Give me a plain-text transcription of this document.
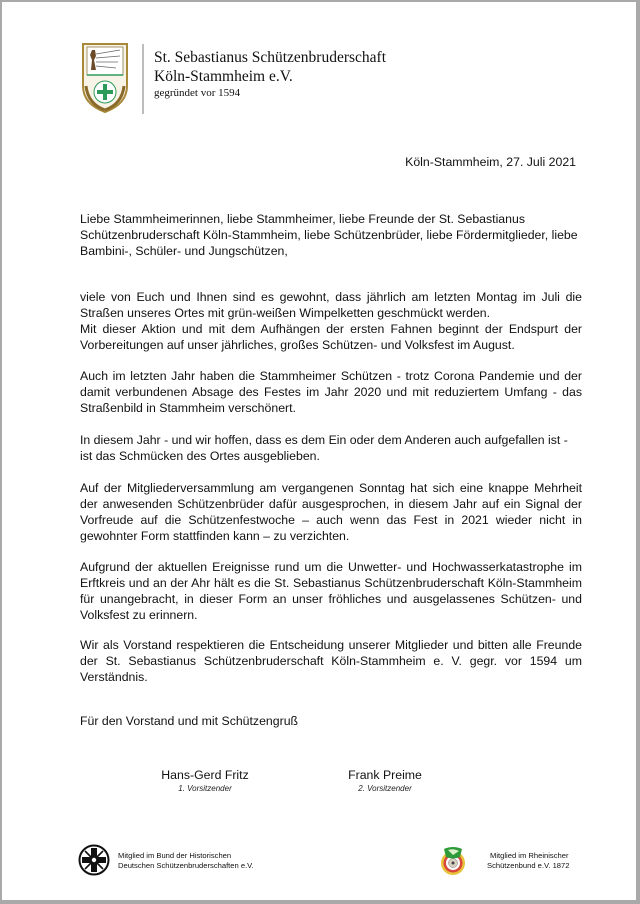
St. Sebastianus Schützenbruderschaft
Köln-Stammheim e.V.
gegründet vor 1594
Köln-Stammheim, 27. Juli 2021

Liebe Stammheimerinnen, liebe Stammheimer, liebe Freunde der St. Sebastianus Schützenbruderschaft Köln-Stammheim, liebe Schützenbrüder, liebe Fördermitglieder, liebe Bambini-, Schüler- und Jungschützen,

viele von Euch und Ihnen sind es gewohnt, dass jährlich am letzten Montag im Juli die Straßen unseres Ortes mit grün-weißen Wimpelketten geschmückt werden.

Mit dieser Aktion und mit dem Aufhängen der ersten Fahnen beginnt der Endspurt der Vorbereitungen auf unser jährliches, großes Schützen- und Volksfest im August.

Auch im letzten Jahr haben die Stammheimer Schützen - trotz Corona Pandemie und der damit verbundenen Absage des Festes im Jahr 2020 und mit reduziertem Umfang - das Straßenbild in Stammheim verschönert.

In diesem Jahr - und wir hoffen, dass es dem Ein oder dem Anderen auch aufgefallen ist - ist das Schmücken des Ortes ausgeblieben.

Auf der Mitgliederversammlung am vergangenen Sonntag hat sich eine knappe Mehrheit der anwesenden Schützenbrüder dafür ausgesprochen, in diesem Jahr auf ein Signal der Vorfreude auf die Schützenfestwoche – auch wenn das Fest in 2021 wieder nicht in gewohnter Form stattfinden kann – zu verzichten.

Aufgrund der aktuellen Ereignisse rund um die Unwetter- und Hochwasserkatastrophe im Erftkreis und an der Ahr hält es die St. Sebastianus Schützenbruderschaft Köln-Stammheim für unangebracht, in dieser Form an unser fröhliches und ausgelassenes Schützen- und Volksfest zu erinnern.

Wir als Vorstand respektieren die Entscheidung unserer Mitglieder und bitten alle Freunde der St. Sebastianus Schützenbruderschaft Köln-Stammheim e. V. gegr. vor 1594 um Verständnis.

Für den Vorstand und mit Schützengruß
Hans-Gerd Fritz
1. Vorsitzender
Frank Preime
2. Vorsitzender
Mitglied im Bund der Historischen
Deutschen Schützenbruderschaften e.V.
Mitglied im Rheinischer
Schützenbund e.V. 1872
